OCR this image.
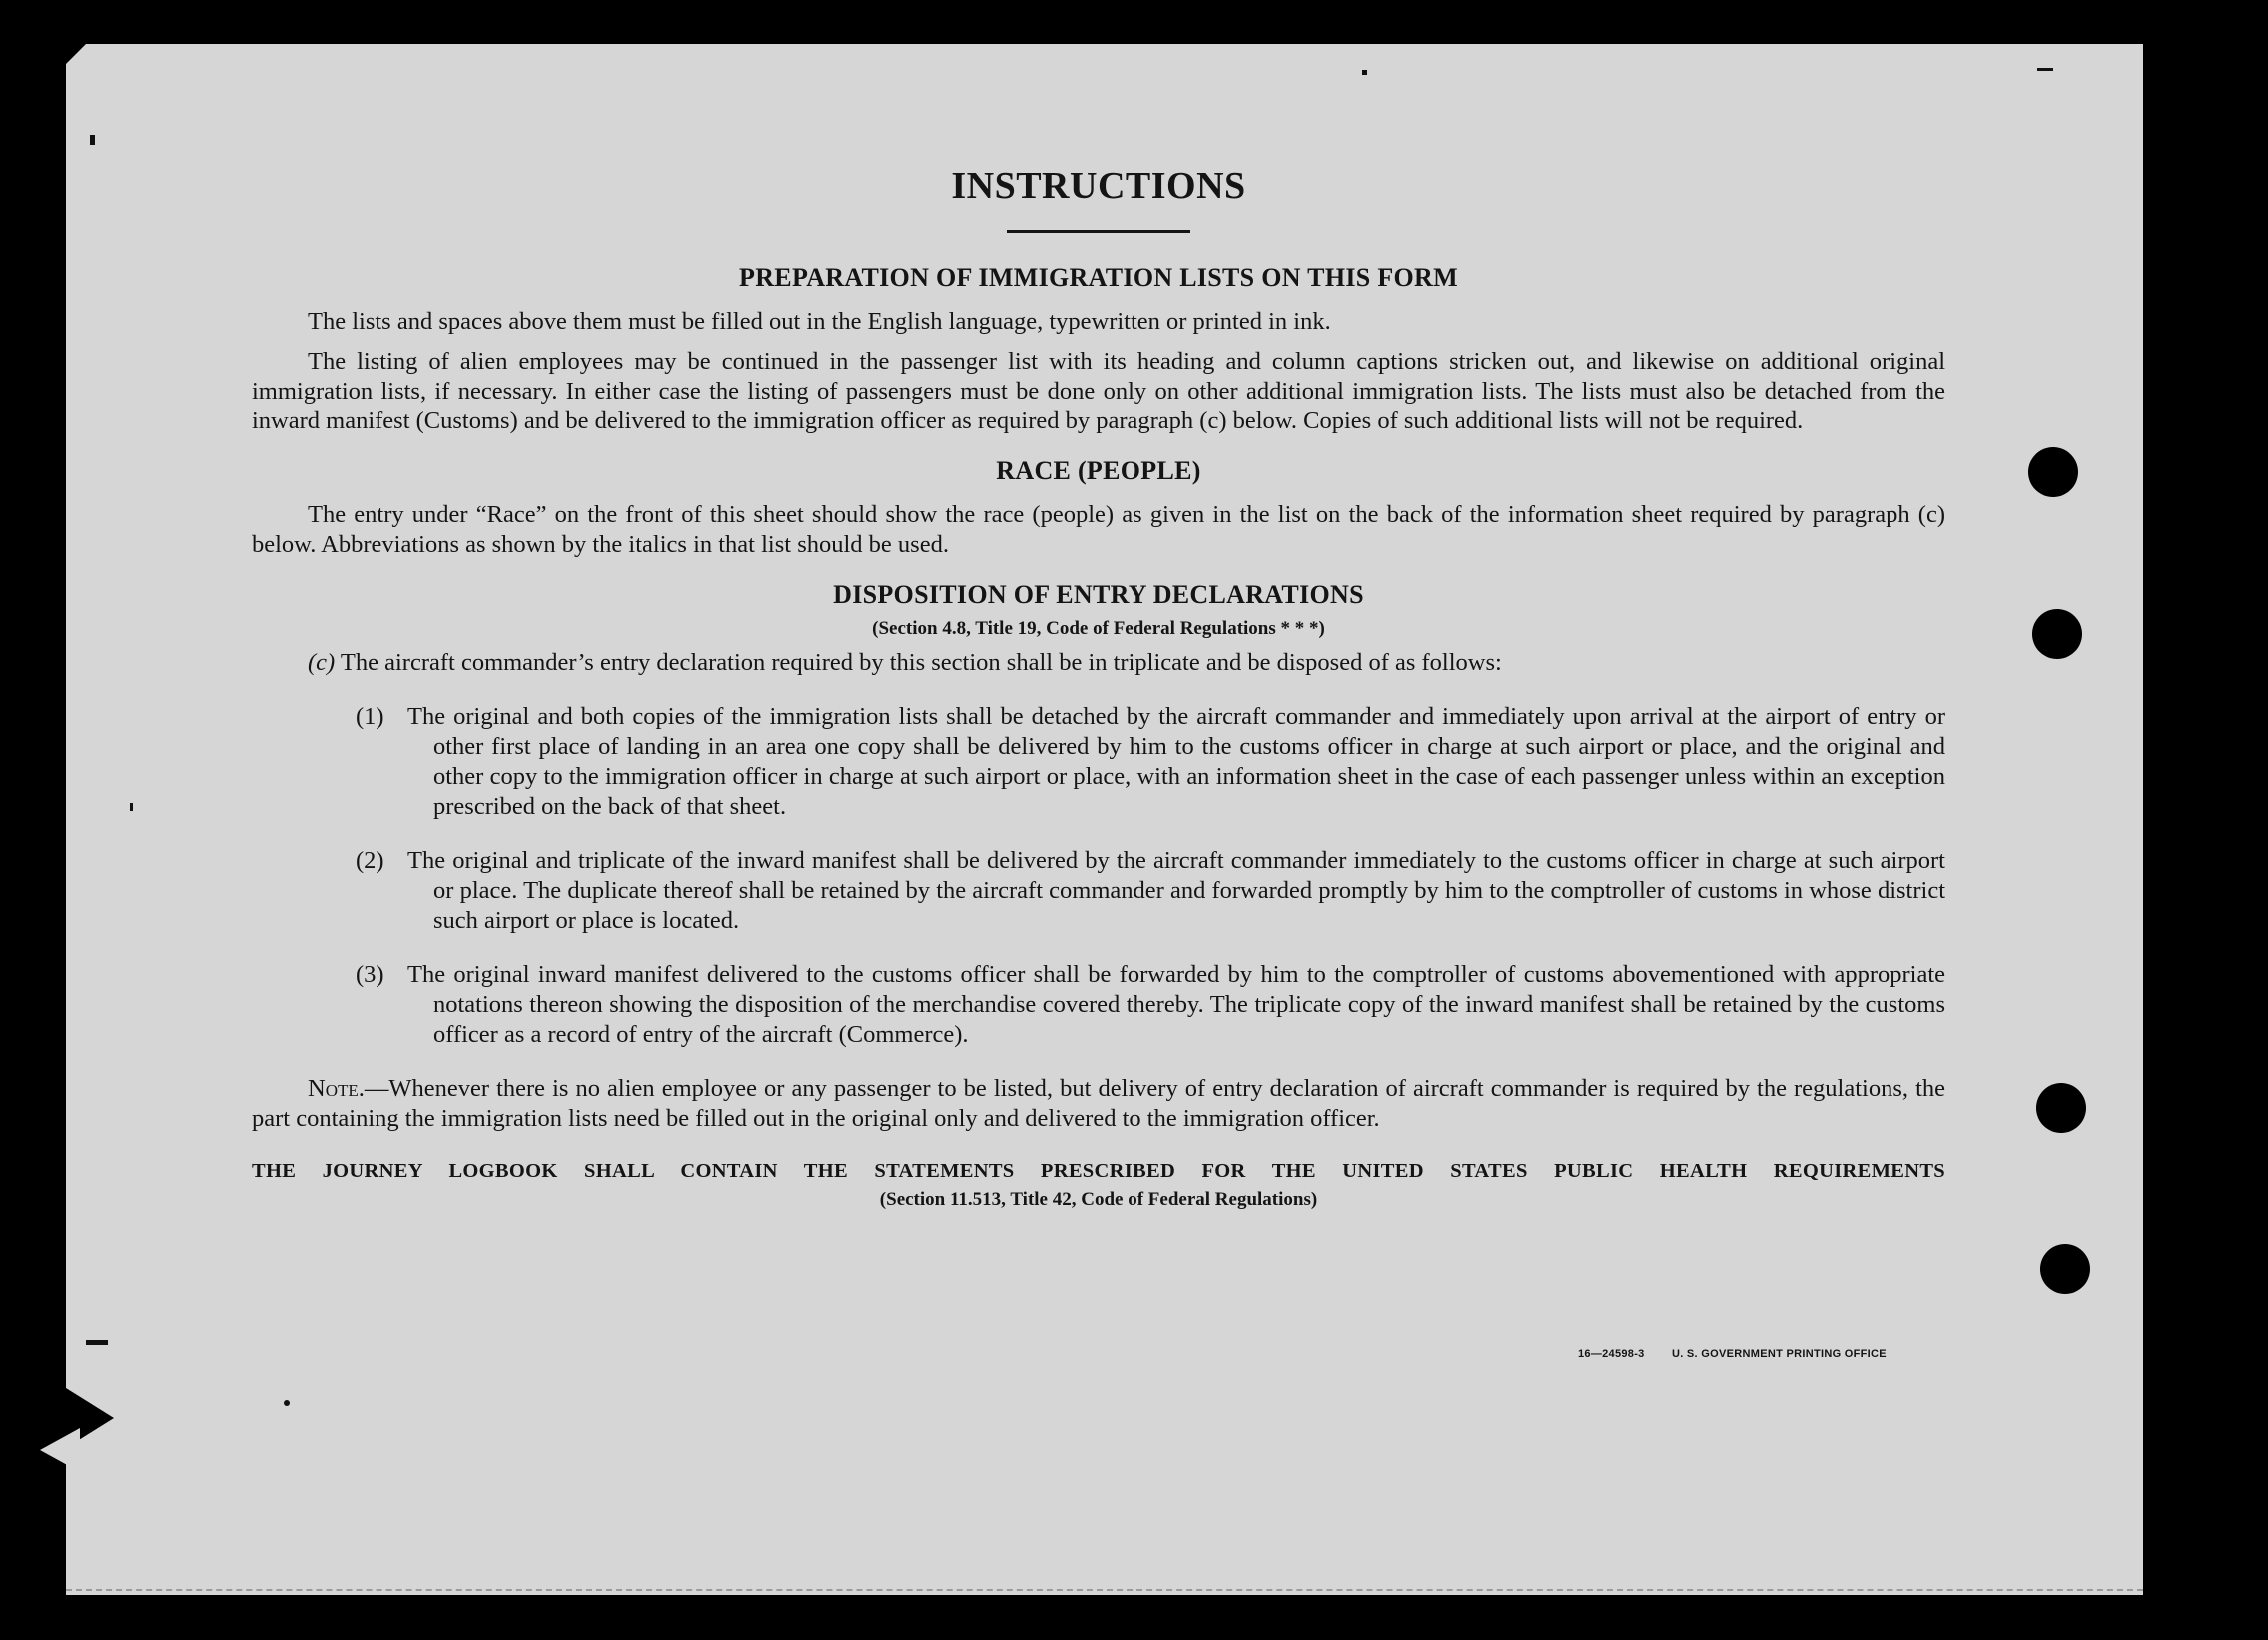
INSTRUCTIONS
PREPARATION OF IMMIGRATION LISTS ON THIS FORM

The lists and spaces above them must be filled out in the English language, typewritten or printed in ink.

The listing of alien employees may be continued in the passenger list with its heading and column captions stricken out, and likewise on additional original immigration lists, if necessary. In either case the listing of passengers must be done only on other additional immigration lists. The lists must also be detached from the inward manifest (Customs) and be delivered to the immigration officer as required by paragraph (c) below. Copies of such additional lists will not be required.

RACE (PEOPLE)

The entry under “Race” on the front of this sheet should show the race (people) as given in the list on the back of the information sheet required by paragraph (c) below. Abbreviations as shown by the italics in that list should be used.

DISPOSITION OF ENTRY DECLARATIONS
(Section 4.8, Title 19, Code of Federal Regulations * * *)

(c) The aircraft commander’s entry declaration required by this section shall be in triplicate and be disposed of as follows:

(1) The original and both copies of the immigration lists shall be detached by the aircraft commander and immediately upon arrival at the airport of entry or other first place of landing in an area one copy shall be delivered by him to the customs officer in charge at such airport or place, and the original and other copy to the immigration officer in charge at such airport or place, with an information sheet in the case of each passenger unless within an exception prescribed on the back of that sheet.
(2) The original and triplicate of the inward manifest shall be delivered by the aircraft commander immediately to the customs officer in charge at such airport or place. The duplicate thereof shall be retained by the aircraft commander and forwarded promptly by him to the comptroller of customs in whose district such airport or place is located.
(3) The original inward manifest delivered to the customs officer shall be forwarded by him to the comptroller of customs abovementioned with appropriate notations thereon showing the disposition of the merchandise covered thereby. The triplicate copy of the inward manifest shall be retained by the customs officer as a record of entry of the aircraft (Commerce).

Note.—Whenever there is no alien employee or any passenger to be listed, but delivery of entry declaration of aircraft commander is required by the regulations, the part containing the immigration lists need be filled out in the original only and delivered to the immigration officer.

THE JOURNEY LOGBOOK SHALL CONTAIN THE STATEMENTS PRESCRIBED FOR THE UNITED STATES PUBLIC HEALTH REQUIREMENTS
(Section 11.513, Title 42, Code of Federal Regulations)
16—24598-3 U. S. GOVERNMENT PRINTING OFFICE
